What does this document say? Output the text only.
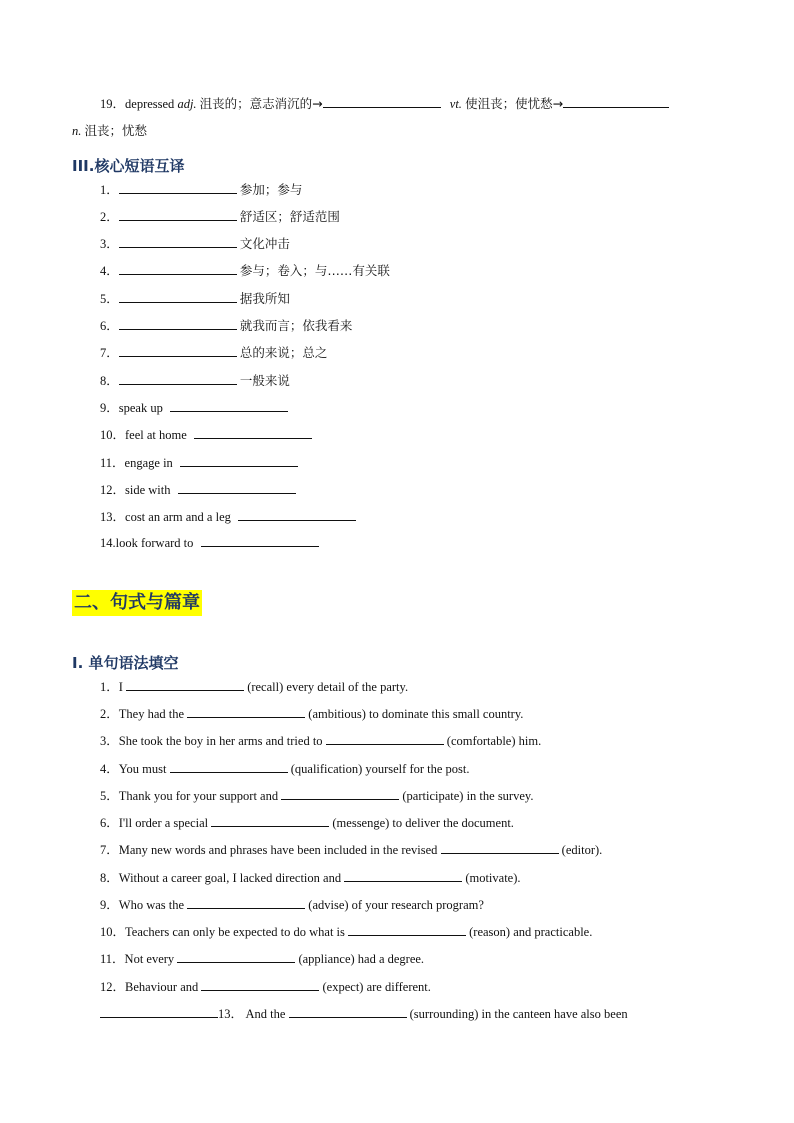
19．depressed adj. 沮丧的；意志消沉的→	vt. 使沮丧；使忧愁→
n. 沮丧；忧愁
III.核心短语互译
1．	参加；参与
2．	舒适区；舒适范围
3．	文化冲击
4．	参与；卷入；与……有关联
5．	据我所知
6．	就我而言；依我看来
7．	总的来说；总之
8．	一般来说
9．speak up
10．feel at home
11．engage in
12．side with
13．cost an arm and a leg
14.look forward to
二、句式与篇章
I. 单句语法填空
1．I	(recall) every detail of the party.
2．They had the	(ambitious) to dominate this small country.
3．She took the boy in her arms and tried to	(comfortable) him.
4．You must	(qualification) yourself for the post.
5．Thank you for your support and	(participate) in the survey.
6．I'll order a special	(messenge) to deliver the document.
7．Many new words and phrases have been included in the revised	(editor).
8．Without a career goal, I lacked direction and	(motivate).
9．Who was the	(advise) of your research program?
10．Teachers can only be expected to do what is	(reason) and practicable.
11．Not every	(appliance) had a degree.
12．Behaviour and	(expect) are different.
13． And the	(surrounding) in the canteen have also been
